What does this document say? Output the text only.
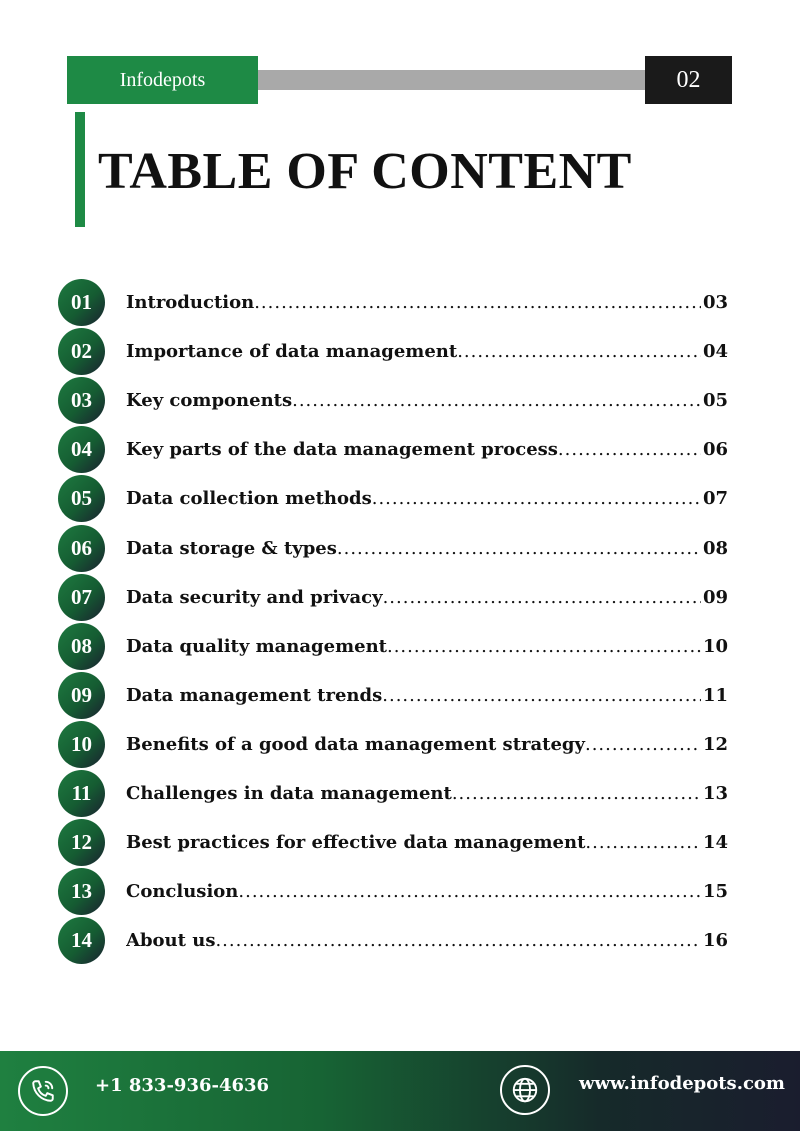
Infodepots	02
TABLE OF CONTENT
01	Introduction .....	03
02	Importance of data management .....	04
03	Key components .....	05
04	Key parts of the data management process .....	06
05	Data collection methods .....	07
06	Data storage & types .....	08
07	Data security and privacy .....	09
08	Data quality management .....	10
09	Data management trends .....	11
10	Benefits of a good data management strategy .....	12
11	Challenges in data management .....	13
12	Best practices for effective data management .....	14
13	Conclusion .....	15
14	About us .....	16
+1 833-936-4636	www.infodepots.com
